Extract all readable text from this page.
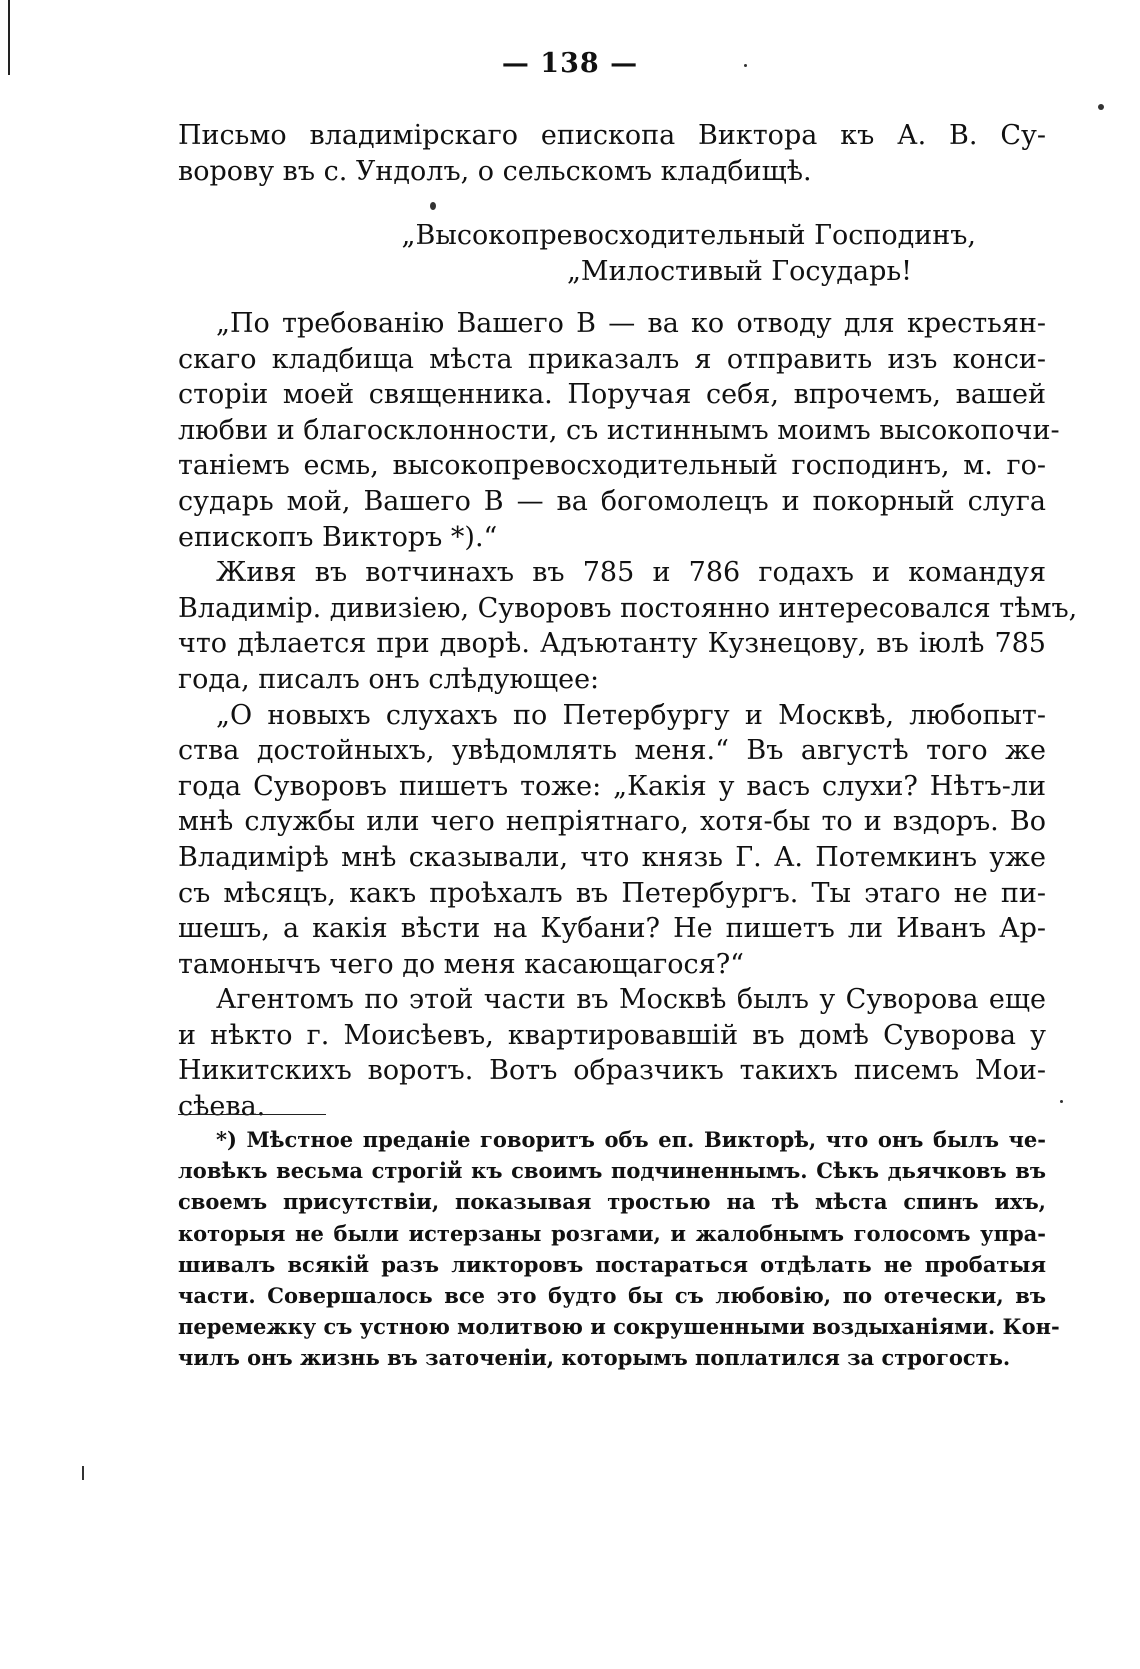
— 138 —
Письмо владимірскаго епископа Виктора къ А. В. Су-
ворову въ с. Ундолъ, о сельскомъ кладбищѣ.
„Высокопревосходительный Господинъ,
„Милостивый Государь!
„По требованію Вашего В — ва ко отводу для крестьян-
скаго кладбища мѣста приказалъ я отправить изъ конси-
сторіи моей священника. Поручая себя, впрочемъ, вашей
любви и благосклонности, съ истиннымъ моимъ высокопочи-
таніемъ есмь, высокопревосходительный господинъ, м. го-
сударь мой, Вашего В — ва богомолецъ и покорный слуга
епископъ Викторъ *).“
Живя въ вотчинахъ въ 785 и 786 годахъ и командуя
Владимір. дивизіею, Суворовъ постоянно интересовался тѣмъ,
что дѣлается при дворѣ. Адъютанту Кузнецову, въ іюлѣ 785
года, писалъ онъ слѣдующее:
„О новыхъ слухахъ по Петербургу и Москвѣ, любопыт-
ства достойныхъ, увѣдомлять меня.“ Въ августѣ того же
года Суворовъ пишетъ тоже: „Какія у васъ слухи? Нѣтъ-ли
мнѣ службы или чего непріятнаго, хотя-бы то и вздоръ. Во
Владимірѣ мнѣ сказывали, что князь Г. А. Потемкинъ уже
съ мѣсяцъ, какъ проѣхалъ въ Петербургъ. Ты этаго не пи-
шешъ, а какія вѣсти на Кубани? Не пишетъ ли Иванъ Ар-
тамонычъ чего до меня касающагося?“
Агентомъ по этой части въ Москвѣ былъ у Суворова еще
и нѣкто г. Моисѣевъ, квартировавшій въ домѣ Суворова у
Никитскихъ воротъ. Вотъ образчикъ такихъ писемъ Мои-
сѣева.
*) Мѣстное преданіе говоритъ объ еп. Викторѣ, что онъ былъ че-
ловѣкъ весьма строгій къ своимъ подчиненнымъ. Сѣкъ дьячковъ въ
своемъ присутствіи, показывая тростью на тѣ мѣста спинъ ихъ,
которыя не были истерзаны розгами, и жалобнымъ голосомъ упра-
шивалъ всякій разъ ликторовъ постараться отдѣлать не пробатыя
части. Совершалось все это будто бы съ любовію, по отечески, въ
перемежку съ устною молитвою и сокрушенными воздыханіями. Кон-
чилъ онъ жизнь въ заточеніи, которымъ поплатился за строгость.
